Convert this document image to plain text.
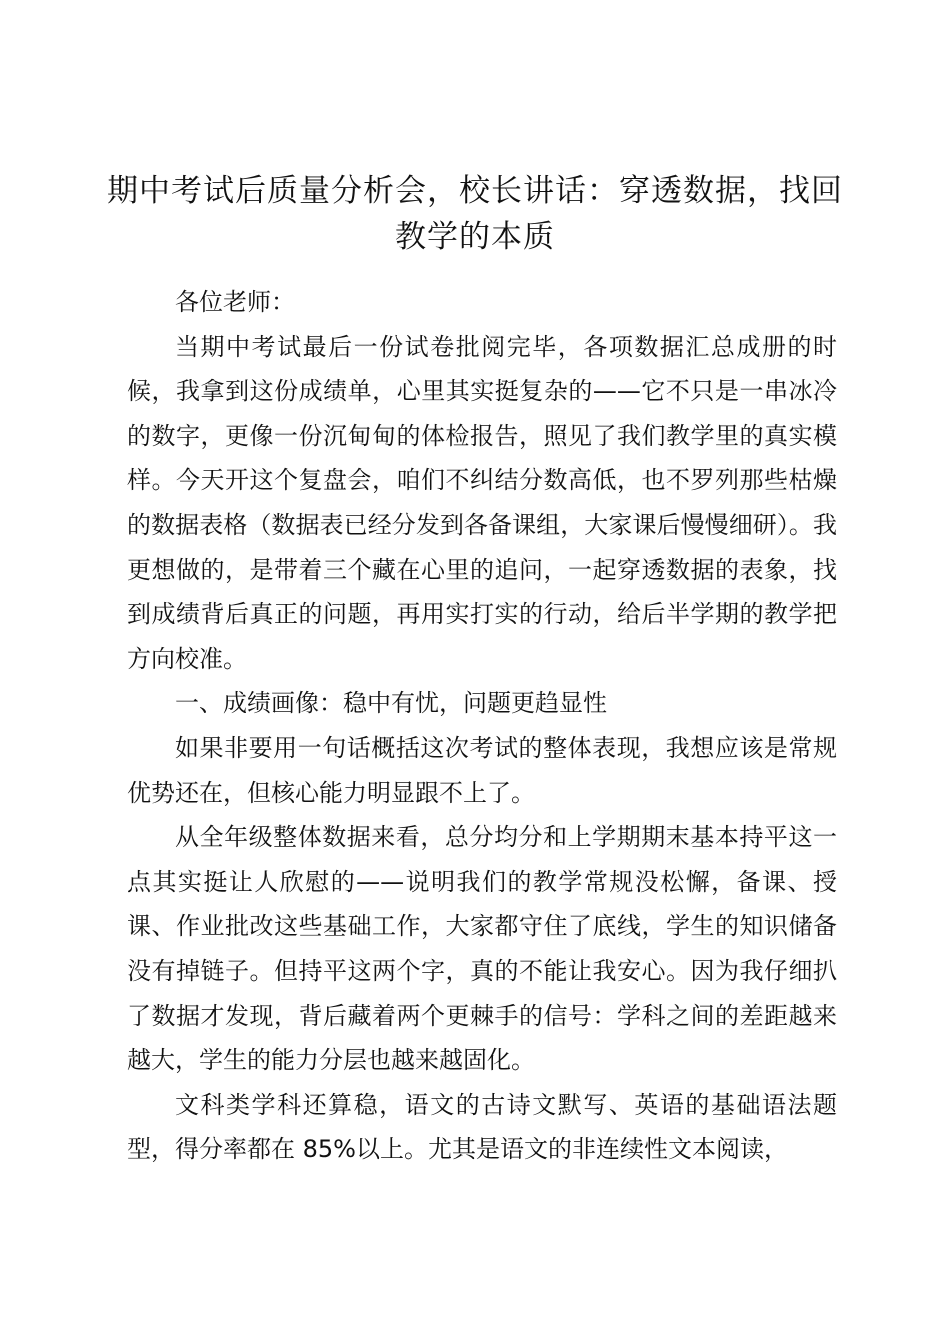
期中考试后质量分析会，校长讲话：穿透数据，找回教学的本质

各位老师：

当期中考试最后一份试卷批阅完毕，各项数据汇总成册的时候，我拿到这份成绩单，心里其实挺复杂的——它不只是一串冰冷的数字，更像一份沉甸甸的体检报告，照见了我们教学里的真实模样。今天开这个复盘会，咱们不纠结分数高低，也不罗列那些枯燥的数据表格（数据表已经分发到各备课组，大家课后慢慢细研）。我更想做的，是带着三个藏在心里的追问，一起穿透数据的表象，找到成绩背后真正的问题，再用实打实的行动，给后半学期的教学把方向校准。

一、成绩画像：稳中有忧，问题更趋显性

如果非要用一句话概括这次考试的整体表现，我想应该是常规优势还在，但核心能力明显跟不上了。

从全年级整体数据来看，总分均分和上学期期末基本持平这一点其实挺让人欣慰的——说明我们的教学常规没松懈，备课、授课、作业批改这些基础工作，大家都守住了底线，学生的知识储备没有掉链子。但持平这两个字，真的不能让我安心。因为我仔细扒了数据才发现，背后藏着两个更棘手的信号：学科之间的差距越来越大，学生的能力分层也越来越固化。

文科类学科还算稳，语文的古诗文默写、英语的基础语法题型，得分率都在 85%以上。尤其是语文的非连续性文本阅读，
